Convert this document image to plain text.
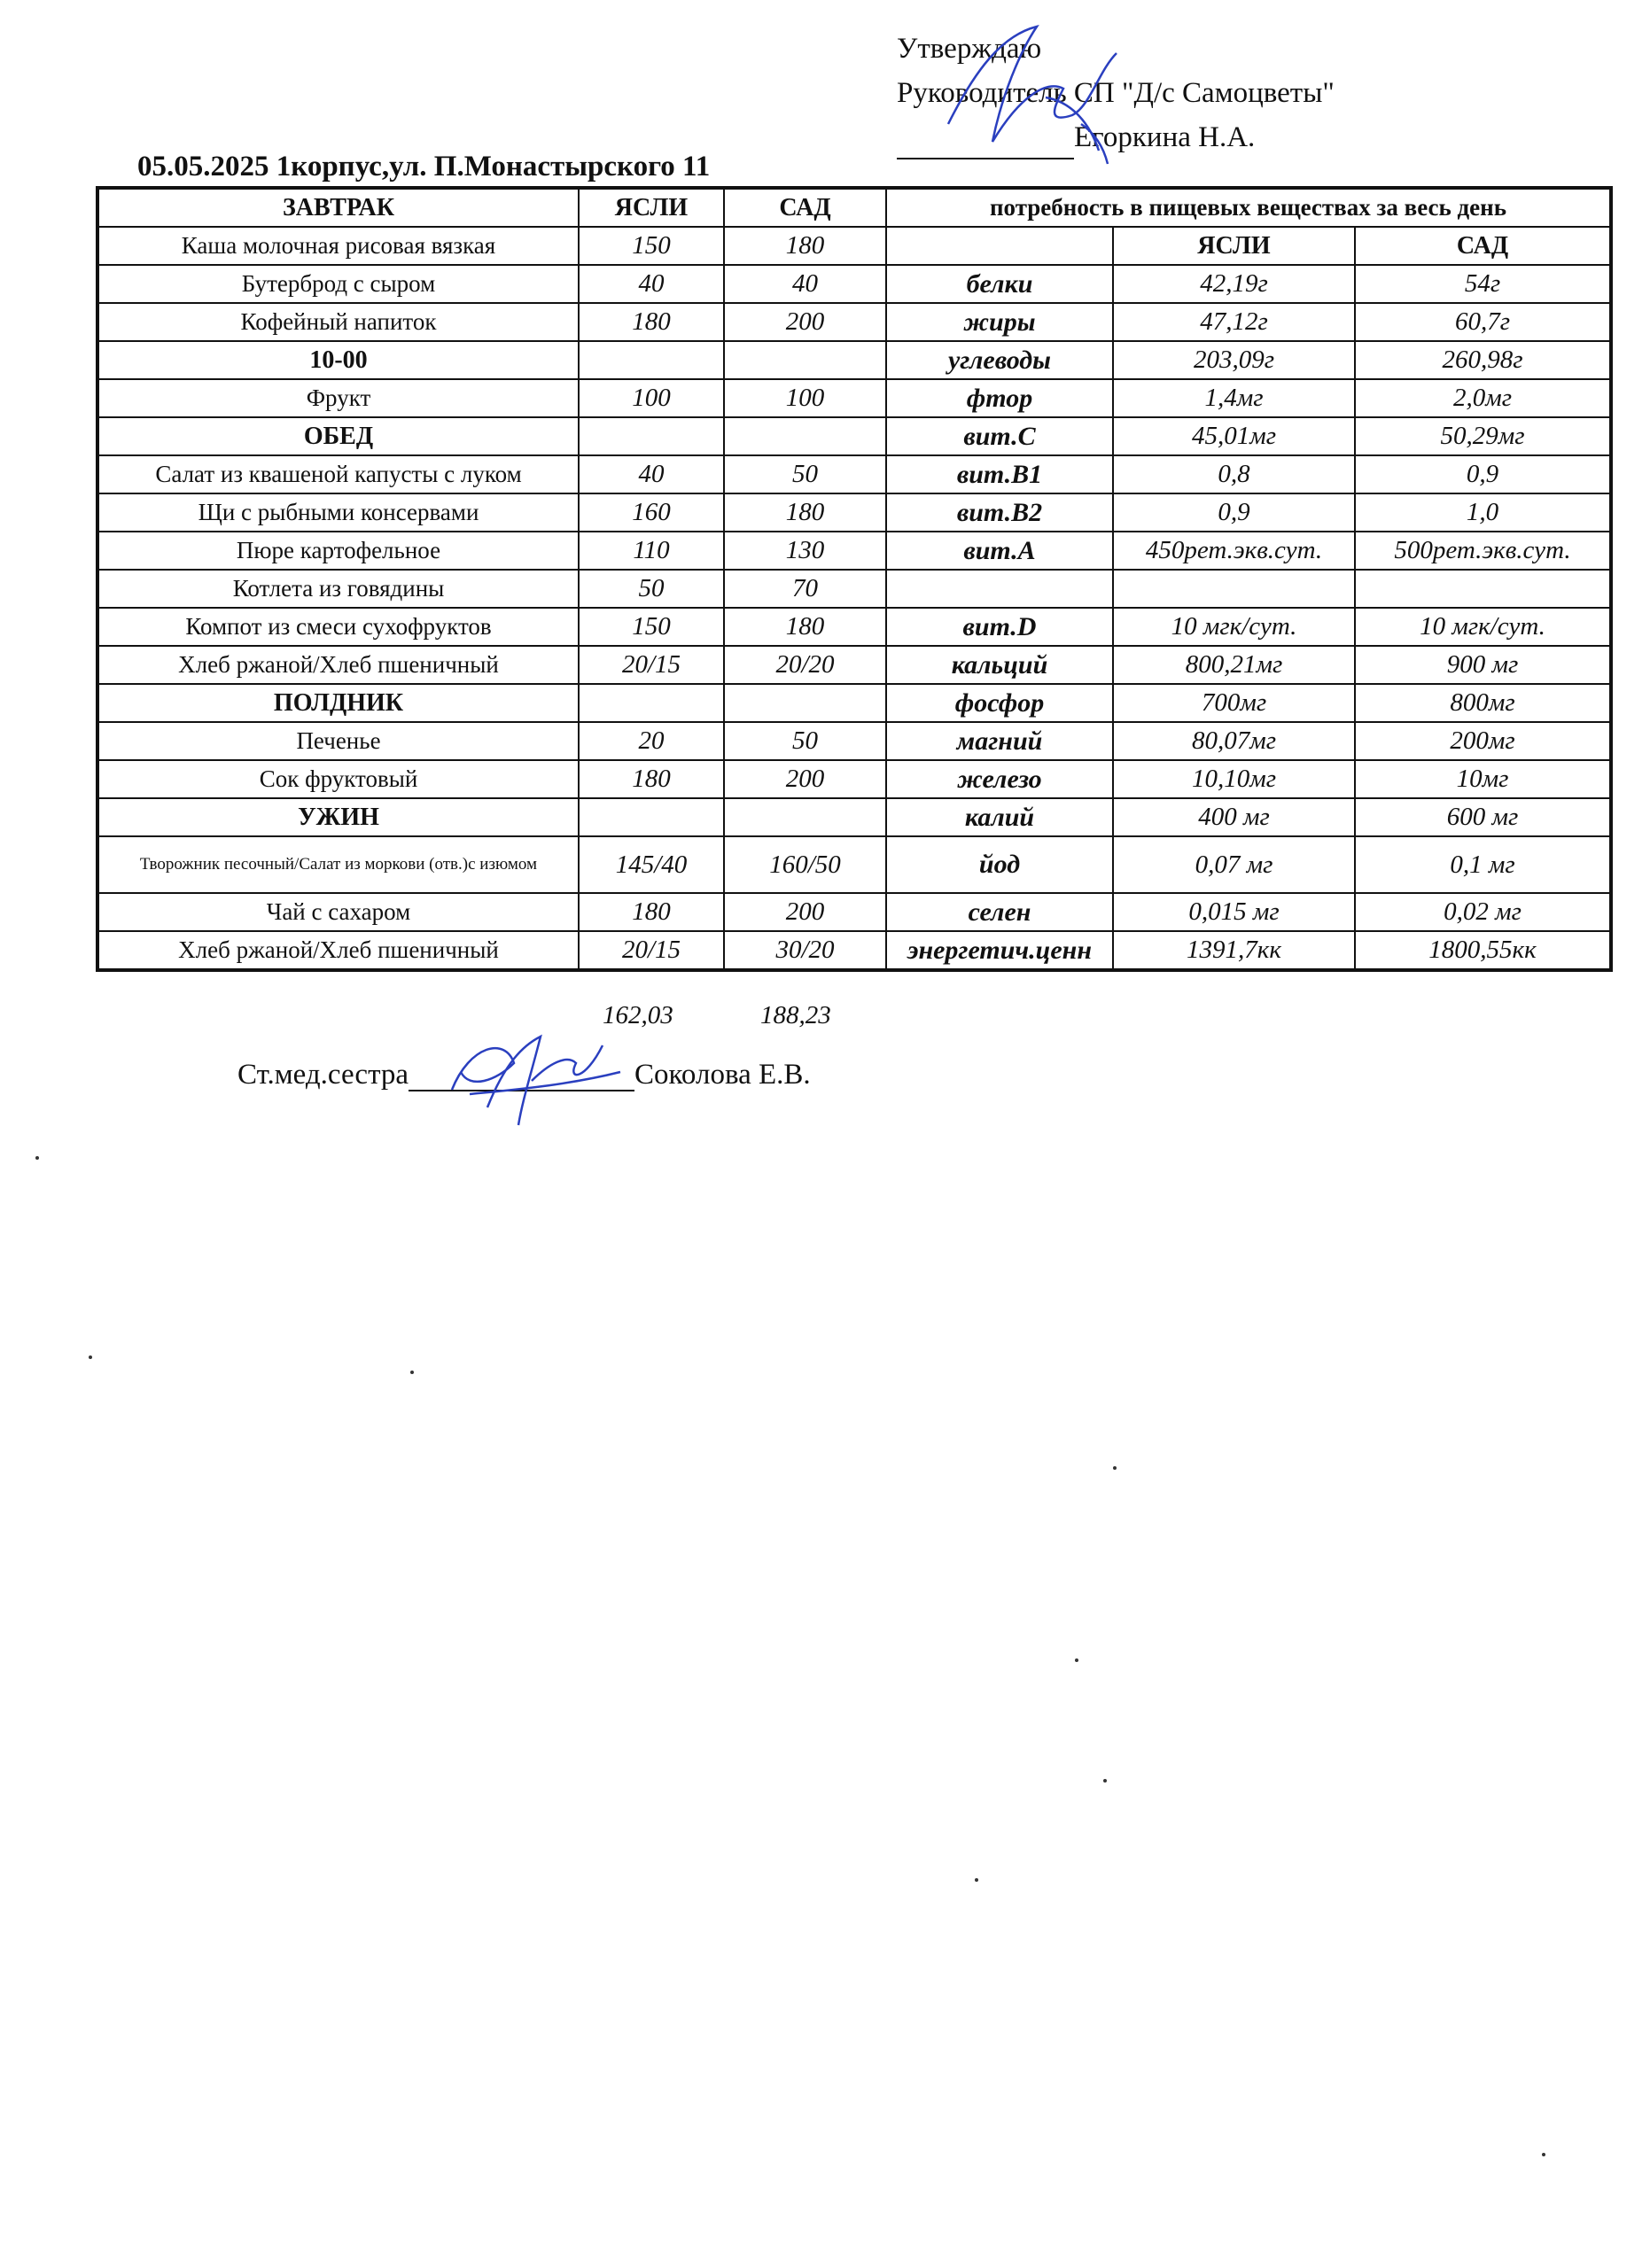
Утверждаю
Руководитель СП "Д/с Самоцветы"
Егоркина Н.А.
05.05.2025 1корпус,ул. П.Монастырского 11
ЗАВТРАК	ЯСЛИ	САД	потребность в пищевых веществах за весь день		
Каша молочная рисовая вязкая	150	180		ЯСЛИ	САД
Бутерброд с сыром	40	40	белки	42,19г	54г
Кофейный напиток	180	200	жиры	47,12г	60,7г
10-00			углеводы	203,09г	260,98г
Фрукт	100	100	фтор	1,4мг	2,0мг
ОБЕД			вит.С	45,01мг	50,29мг
Салат из квашеной капусты с луком	40	50	вит.В1	0,8	0,9
Щи с рыбными консервами	160	180	вит.В2	0,9	1,0
Пюре картофельное	110	130	вит.А	450рет.экв.сут.	500рет.экв.сут.
Котлета из говядины	50	70			
Компот из смеси сухофруктов	150	180	вит.D	10 мгк/сут.	10 мгк/сут.
Хлеб ржаной/Хлеб пшеничный	20/15	20/20	кальций	800,21мг	900 мг
ПОЛДНИК			фосфор	700мг	800мг
Печенье	20	50	магний	80,07мг	200мг
Сок фруктовый	180	200	железо	10,10мг	10мг
УЖИН			калий	400 мг	600 мг
Творожник песочный/Салат из моркови (отв.)с изюмом	145/40	160/50	йод	0,07 мг	0,1 мг
Чай с сахаром	180	200	селен	0,015 мг	0,02 мг
Хлеб ржаной/Хлеб пшеничный	20/15	30/20	энергетич.ценн	1391,7кк	1800,55кк
162,03	188,23
Ст.мед.сестра	Соколова Е.В.
